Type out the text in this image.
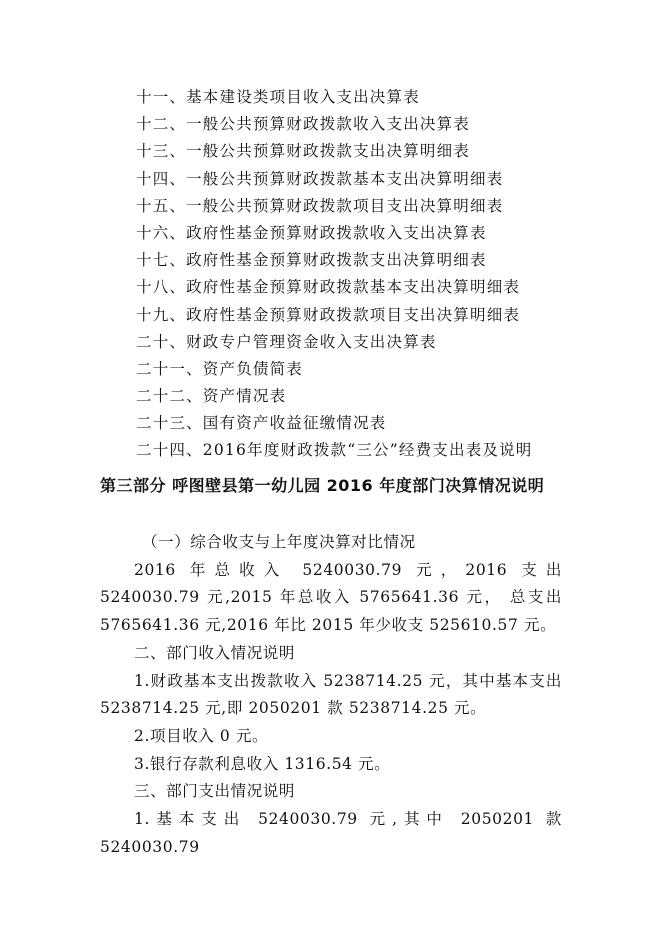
十一、基本建设类项目收入支出决算表
十二、一般公共预算财政拨款收入支出决算表
十三、一般公共预算财政拨款支出决算明细表
十四、一般公共预算财政拨款基本支出决算明细表
十五、一般公共预算财政拨款项目支出决算明细表
十六、政府性基金预算财政拨款收入支出决算表
十七、政府性基金预算财政拨款支出决算明细表
十八、政府性基金预算财政拨款基本支出决算明细表
十九、政府性基金预算财政拨款项目支出决算明细表
二十、财政专户管理资金收入支出决算表
二十一、资产负债简表
二十二、资产情况表
二十三、国有资产收益征缴情况表
二十四、2016年度财政拨款“三公”经费支出表及说明
第三部分 呼图壁县第一幼儿园 2016 年度部门决算情况说明

（一）综合收支与上年度决算对比情况

2016 年总收入 5240030.79 元，2016 支出 5240030.79 元,2015 年总收入 5765641.36 元， 总支出 5765641.36 元,2016 年比 2015 年少收支 525610.57 元。

二、部门收入情况说明

1.财政基本支出拨款收入 5238714.25 元，其中基本支出 5238714.25 元,即 2050201 款 5238714.25 元。

2.项目收入 0 元。

3.银行存款利息收入 1316.54 元。

三、部门支出情况说明

1.基本支出 5240030.79 元,其中 2050201 款 5240030.79
